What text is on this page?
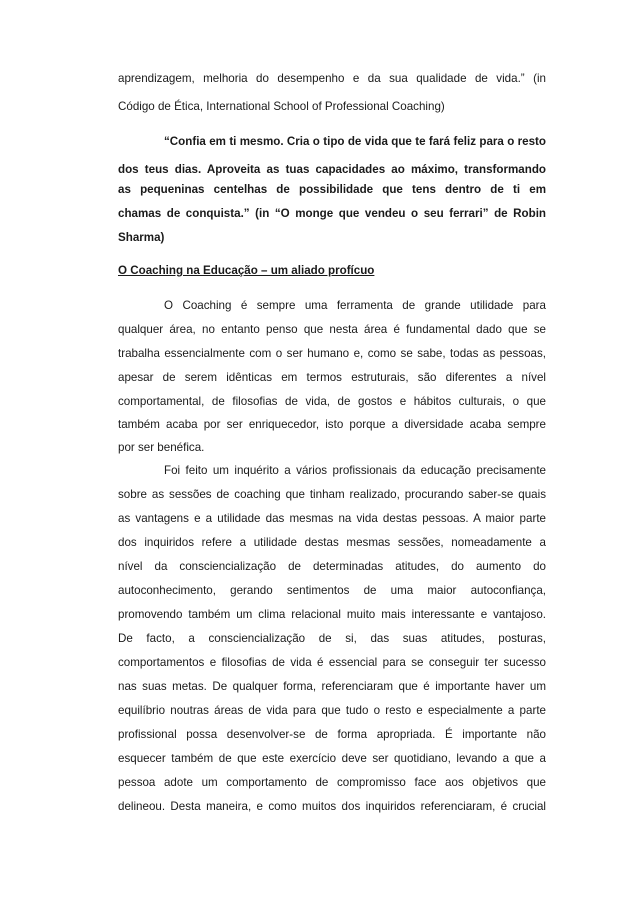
aprendizagem, melhoria do desempenho e da sua qualidade de vida.” (in
Código de Ética, International School of Professional Coaching)
“Confia em ti mesmo. Cria o tipo de vida que te fará feliz para o resto
dos teus dias. Aproveita as tuas capacidades ao máximo, transformando
as pequeninas centelhas de possibilidade que tens dentro de ti em
chamas de conquista.” (in “O monge que vendeu o seu ferrari” de Robin
Sharma)
O Coaching na Educação – um aliado profícuo
O Coaching é sempre uma ferramenta de grande utilidade para
qualquer área, no entanto penso que nesta área é fundamental dado que se
trabalha essencialmente com o ser humano e, como se sabe, todas as pessoas,
apesar de serem idênticas em termos estruturais, são diferentes a nível
comportamental, de filosofias de vida, de gostos e hábitos culturais, o que
também acaba por ser enriquecedor, isto porque a diversidade acaba sempre
por ser benéfica.
Foi feito um inquérito a vários profissionais da educação precisamente
sobre as sessões de coaching que tinham realizado, procurando saber-se quais
as vantagens e a utilidade das mesmas na vida destas pessoas. A maior parte
dos inquiridos refere a utilidade destas mesmas sessões, nomeadamente a
nível da consciencialização de determinadas atitudes, do aumento do
autoconhecimento, gerando sentimentos de uma maior autoconfiança,
promovendo também um clima relacional muito mais interessante e vantajoso.
De facto, a consciencialização de si, das suas atitudes, posturas,
comportamentos e filosofias de vida é essencial para se conseguir ter sucesso
nas suas metas. De qualquer forma, referenciaram que é importante haver um
equilíbrio noutras áreas de vida para que tudo o resto e especialmente a parte
profissional possa desenvolver-se de forma apropriada. É importante não
esquecer também de que este exercício deve ser quotidiano, levando a que a
pessoa adote um comportamento de compromisso face aos objetivos que
delineou. Desta maneira, e como muitos dos inquiridos referenciaram, é crucial
